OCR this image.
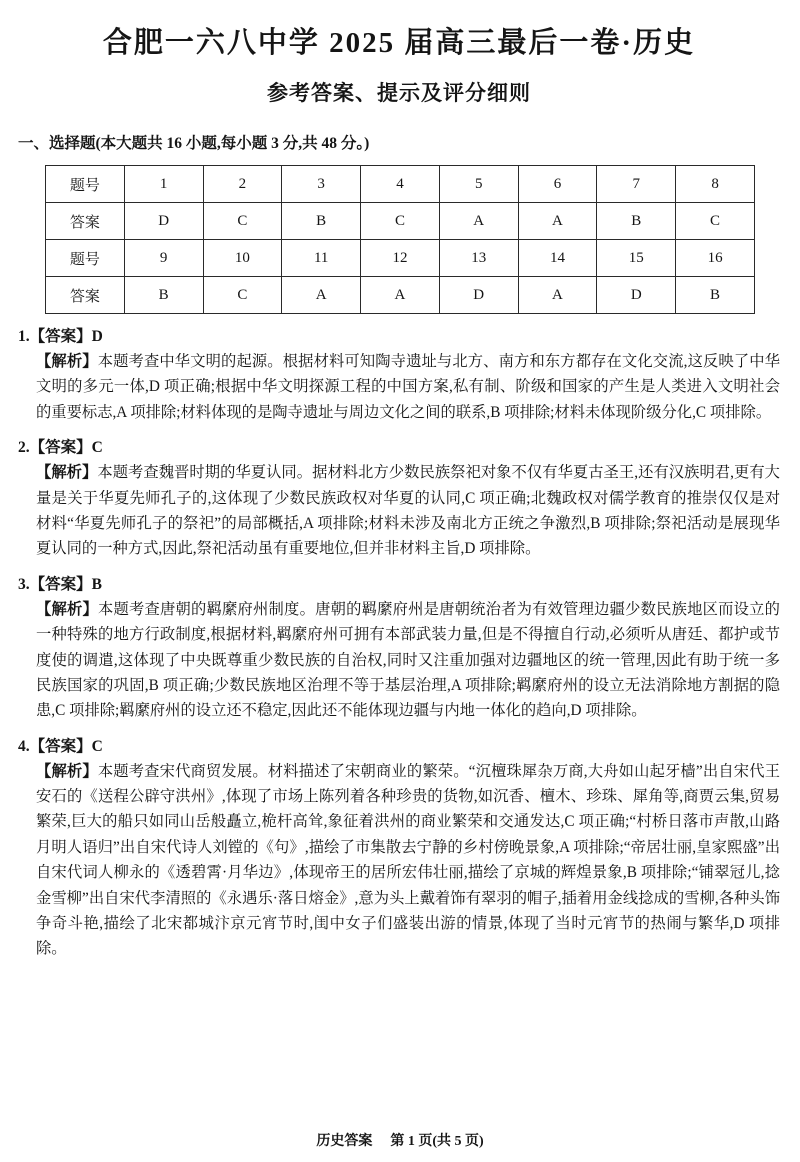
合肥一六八中学 2025 届高三最后一卷·历史
参考答案、提示及评分细则
一、选择题(本大题共 16 小题,每小题 3 分,共 48 分。)
题号	1	2	3	4	5	6	7	8
答案	D	C	B	C	A	A	B	C
题号	9	10	11	12	13	14	15	16
答案	B	C	A	A	D	A	D	B
1.【答案】D

【解析】本题考查中华文明的起源。根据材料可知陶寺遗址与北方、南方和东方都存在文化交流,这反映了中华文明的多元一体,D 项正确;根据中华文明探源工程的中国方案,私有制、阶级和国家的产生是人类进入文明社会的重要标志,A 项排除;材料体现的是陶寺遗址与周边文化之间的联系,B 项排除;材料未体现阶级分化,C 项排除。

2.【答案】C

【解析】本题考查魏晋时期的华夏认同。据材料北方少数民族祭祀对象不仅有华夏古圣王,还有汉族明君,更有大量是关于华夏先师孔子的,这体现了少数民族政权对华夏的认同,C 项正确;北魏政权对儒学教育的推崇仅仅是对材料“华夏先师孔子的祭祀”的局部概括,A 项排除;材料未涉及南北方正统之争激烈,B 项排除;祭祀活动是展现华夏认同的一种方式,因此,祭祀活动虽有重要地位,但并非材料主旨,D 项排除。

3.【答案】B

【解析】本题考查唐朝的羁縻府州制度。唐朝的羁縻府州是唐朝统治者为有效管理边疆少数民族地区而设立的一种特殊的地方行政制度,根据材料,羁縻府州可拥有本部武装力量,但是不得擅自行动,必须听从唐廷、都护或节度使的调遣,这体现了中央既尊重少数民族的自治权,同时又注重加强对边疆地区的统一管理,因此有助于统一多民族国家的巩固,B 项正确;少数民族地区治理不等于基层治理,A 项排除;羁縻府州的设立无法消除地方割据的隐患,C 项排除;羁縻府州的设立还不稳定,因此还不能体现边疆与内地一体化的趋向,D 项排除。

4.【答案】C

【解析】本题考查宋代商贸发展。材料描述了宋朝商业的繁荣。“沉檀珠犀杂万商,大舟如山起牙樯”出自宋代王安石的《送程公辟守洪州》,体现了市场上陈列着各种珍贵的货物,如沉香、檀木、珍珠、犀角等,商贾云集,贸易繁荣,巨大的船只如同山岳般矗立,桅杆高耸,象征着洪州的商业繁荣和交通发达,C 项正确;“村桥日落市声散,山路月明人语归”出自宋代诗人刘镗的《句》,描绘了市集散去宁静的乡村傍晚景象,A 项排除;“帝居壮丽,皇家熙盛”出自宋代词人柳永的《透碧霄·月华边》,体现帝王的居所宏伟壮丽,描绘了京城的辉煌景象,B 项排除;“铺翠冠儿,捻金雪柳”出自宋代李清照的《永遇乐·落日熔金》,意为头上戴着饰有翠羽的帽子,插着用金线捻成的雪柳,各种头饰争奇斗艳,描绘了北宋都城汴京元宵节时,闺中女子们盛装出游的情景,体现了当时元宵节的热闹与繁华,D 项排除。

历史答案 第 1 页(共 5 页)
